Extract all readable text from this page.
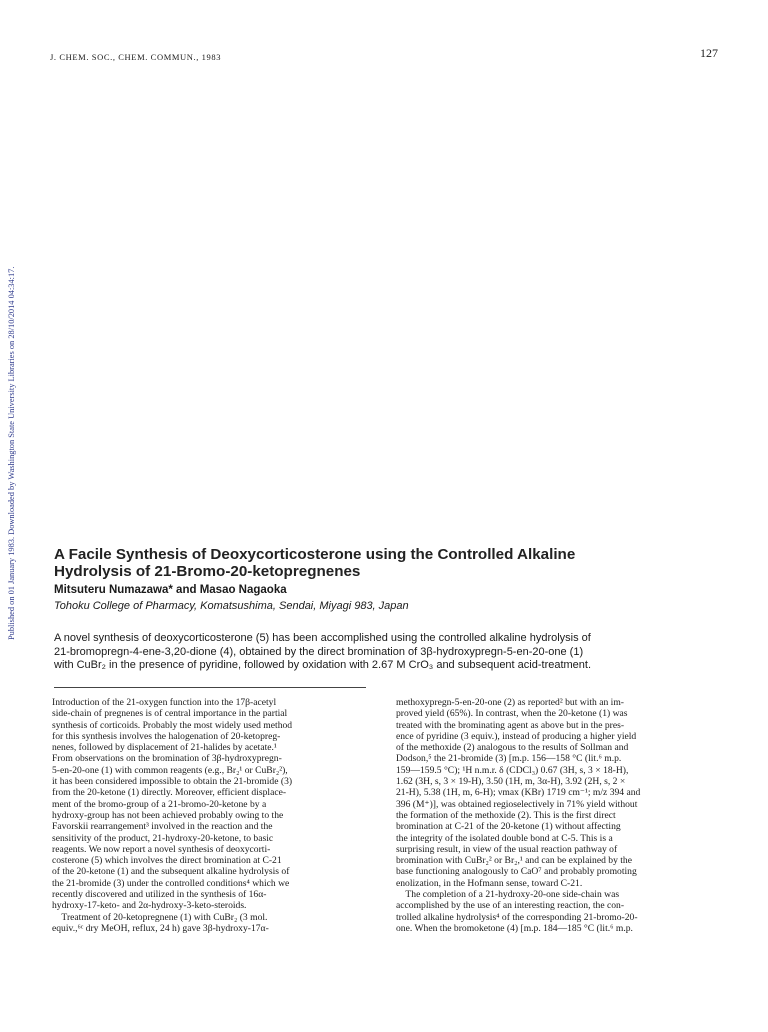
J. CHEM. SOC., CHEM. COMMUN., 1983	127
Published on 01 January 1983. Downloaded by Washington State University Libraries on 28/10/2014 04:34:17.	A Facile Synthesis of Deoxycorticosterone using the Controlled Alkaline
Hydrolysis of 21-Bromo-20-ketopregnenes
Mitsuteru Numazawa* and Masao Nagaoka
Tohoku College of Pharmacy, Komatsushima, Sendai, Miyagi 983, Japan
A novel synthesis of deoxycorticosterone (5) has been accomplished using the controlled alkaline hydrolysis of
21-bromopregn-4-ene-3,20-dione (4), obtained by the direct bromination of 3β-hydroxypregn-5-en-20-one (1)
with CuBr₂ in the presence of pyridine, followed by oxidation with 2.67 M CrO₃ and subsequent acid-treatment.
Introduction of the 21-oxygen function into the 17β-acetyl
side-chain of pregnenes is of central importance in the partial
synthesis of corticoids. Probably the most widely used method
for this synthesis involves the halogenation of 20-ketopreg-
nenes, followed by displacement of 21-halides by acetate.¹
From observations on the bromination of 3β-hydroxypregn-
5-en-20-one (1) with common reagents (e.g., Br₂¹ or CuBr₂²),
it has been considered impossible to obtain the 21-bromide (3)
from the 20-ketone (1) directly. Moreover, efficient displace-
ment of the bromo-group of a 21-bromo-20-ketone by a
hydroxy-group has not been achieved probably owing to the
Favorskii rearrangement³ involved in the reaction and the
sensitivity of the product, 21-hydroxy-20-ketone, to basic
reagents. We now report a novel synthesis of deoxycorti-
costerone (5) which involves the direct bromination at C-21
of the 20-ketone (1) and the subsequent alkaline hydrolysis of
the 21-bromide (3) under the controlled conditions⁴ which we
recently discovered and utilized in the synthesis of 16α-
hydroxy-17-keto- and 2α-hydroxy-3-keto-steroids.
Treatment of 20-ketopregnene (1) with CuBr₂ (3 mol.
equiv.,⁶ᶜ dry MeOH, reflux, 24 h) gave 3β-hydroxy-17α-
methoxypregn-5-en-20-one (2) as reported² but with an im-
proved yield (65%). In contrast, when the 20-ketone (1) was
treated with the brominating agent as above but in the pres-
ence of pyridine (3 equiv.), instead of producing a higher yield
of the methoxide (2) analogous to the results of Sollman and
Dodson,⁵ the 21-bromide (3) [m.p. 156—158 °C (lit.⁶ m.p.
159—159.5 °C); ¹H n.m.r. δ (CDCl₃) 0.67 (3H, s, 3 × 18-H),
1.62 (3H, s, 3 × 19-H), 3.50 (1H, m, 3α-H), 3.92 (2H, s, 2 ×
21-H), 5.38 (1H, m, 6-H); νmax (KBr) 1719 cm⁻¹; m/z 394 and
396 (M⁺)], was obtained regioselectively in 71% yield without
the formation of the methoxide (2). This is the first direct
bromination at C-21 of the 20-ketone (1) without affecting
the integrity of the isolated double bond at C-5. This is a
surprising result, in view of the usual reaction pathway of
bromination with CuBr₂² or Br₂,¹ and can be explained by the
base functioning analogously to CaO⁷ and probably promoting
enolization, in the Hofmann sense, toward C-21.
The completion of a 21-hydroxy-20-one side-chain was
accomplished by the use of an interesting reaction, the con-
trolled alkaline hydrolysis⁴ of the corresponding 21-bromo-20-
one. When the bromoketone (4) [m.p. 184—185 °C (lit.⁶ m.p.
